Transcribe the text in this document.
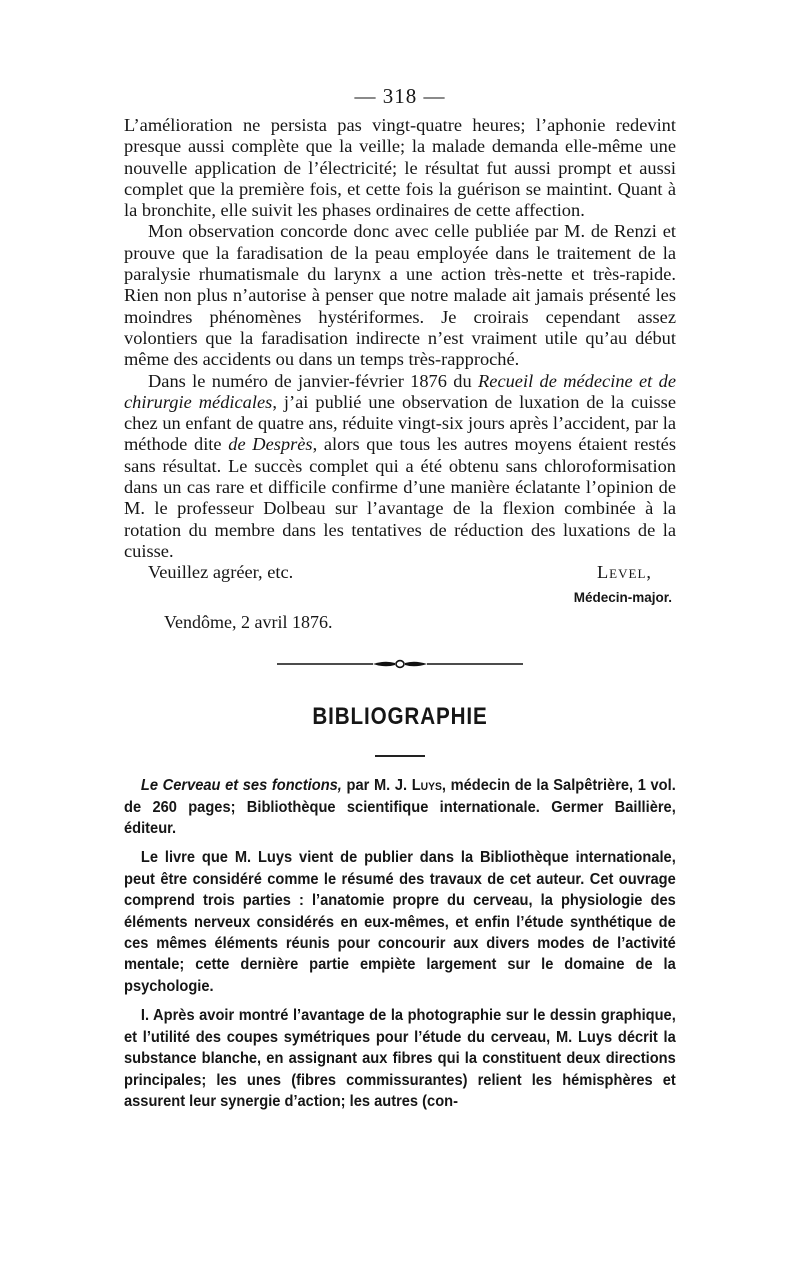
— 318 —

L’amélioration ne persista pas vingt-quatre heures; l’aphonie redevint presque aussi complète que la veille; la malade demanda elle-même une nouvelle application de l’électricité; le résultat fut aussi prompt et aussi complet que la première fois, et cette fois la guérison se maintint. Quant à la bronchite, elle suivit les phases ordinaires de cette affection.

Mon observation concorde donc avec celle publiée par M. de Renzi et prouve que la faradisation de la peau employée dans le traitement de la paralysie rhumatismale du larynx a une action très-nette et très-rapide. Rien non plus n’autorise à penser que notre malade ait jamais présenté les moindres phénomènes hystériformes. Je croirais cependant assez volontiers que la faradisation indirecte n’est vraiment utile qu’au début même des accidents ou dans un temps très-rapproché.

Dans le numéro de janvier-février 1876 du Recueil de médecine et de chirurgie médicales, j’ai publié une observation de luxation de la cuisse chez un enfant de quatre ans, réduite vingt-six jours après l’accident, par la méthode dite de Desprès, alors que tous les autres moyens étaient restés sans résultat. Le succès complet qui a été obtenu sans chloroformisation dans un cas rare et difficile confirme d’une manière éclatante l’opinion de M. le professeur Dolbeau sur l’avantage de la flexion combinée à la rotation du membre dans les tentatives de réduction des luxations de la cuisse.

Veuillez agréer, etc.	Level,
Médecin-major.
Vendôme, 2 avril 1876.
BIBLIOGRAPHIE

Le Cerveau et ses fonctions, par M. J. Luys, médecin de la Salpêtrière, 1 vol. de 260 pages; Bibliothèque scientifique internationale. Germer Baillière, éditeur.

Le livre que M. Luys vient de publier dans la Bibliothèque internationale, peut être considéré comme le résumé des travaux de cet auteur. Cet ouvrage comprend trois parties : l’anatomie propre du cerveau, la physiologie des éléments nerveux considérés en eux-mêmes, et enfin l’étude synthétique de ces mêmes éléments réunis pour concourir aux divers modes de l’activité mentale; cette dernière partie empiète largement sur le domaine de la psychologie.

I. Après avoir montré l’avantage de la photographie sur le dessin graphique, et l’utilité des coupes symétriques pour l’étude du cerveau, M. Luys décrit la substance blanche, en assignant aux fibres qui la constituent deux directions principales; les unes (fibres commissurantes) relient les hémisphères et assurent leur synergie d’action; les autres (con-
